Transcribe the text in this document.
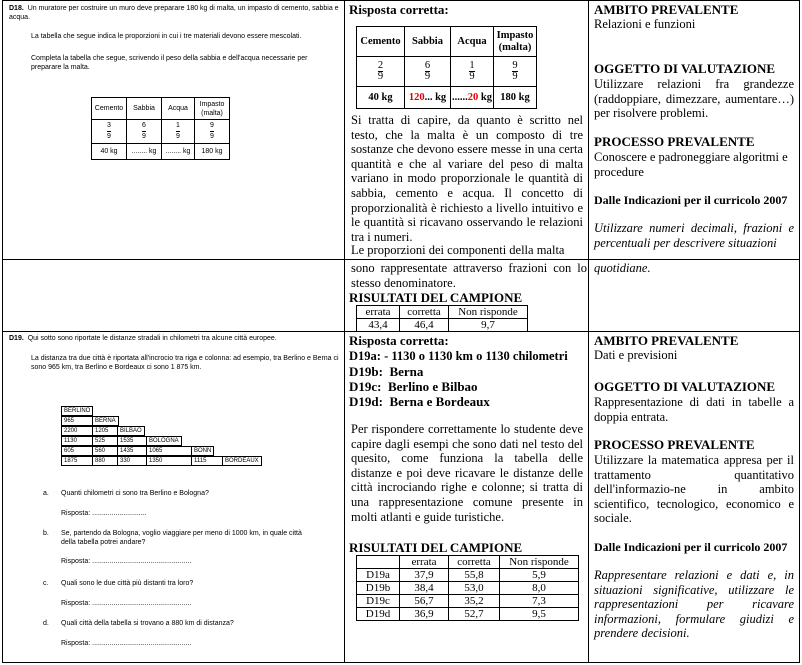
D18. Un muratore per costruire un muro deve preparare 180 kg di malta, un impasto di cemento, sabbia e acqua.
La tabella che segue indica le proporzioni in cui i tre materiali devono essere mescolati.
Completa la tabella che segue, scrivendo il peso della sabbia e dell'acqua necessarie per preparare la malta.
Cemento	Sabbia	Acqua	Impasto (malta)

$\frac{3}{9}$	$\frac{6}{9}$	$\frac{1}{9}$	$\frac{9}{9}$

40 kg	........ kg	........ kg	180 kg
Risposta corretta:
Cemento	Sabbia	Acqua	Impasto (malta)

$\frac{2}{9}$	$\frac{6}{9}$	$\frac{1}{9}$	$\frac{9}{9}$

40 kg	120... kg	......20 kg	180 kg
Si tratta di capire, da quanto è scritto nel testo, che la malta è un composto di tre sostanze che devono essere messe in una certa quantità e che al variare del peso di malta variano in modo proporzionale le quantità di sabbia, cemento e acqua. Il concetto di proporzionalità è richiesto a livello intuitivo e le quantità si ricavano osservando le relazioni tra i numeri.
Le proporzioni dei componenti della malta
AMBITO PREVALENTE
Relazioni e funzioni
OGGETTO DI VALUTAZIONE
Utilizzare relazioni fra grandezze (raddoppiare, dimezzare, aumentare…) per risolvere problemi.
PROCESSO PREVALENTE
Conoscere e padroneggiare algoritmi e procedure
Dalle Indicazioni per il curricolo 2007
Utilizzare numeri decimali, frazioni e percentuali per descrivere situazioni
sono rappresentate attraverso frazioni con lo stesso denominatore.
RISULTATI DEL CAMPIONE
errata	corretta	Non risponde
43,4	46,4	9,7
quotidiane.
D19. Qui sotto sono riportate le distanze stradali in chilometri tra alcune città europee.
La distanza tra due città è riportata all'incrocio tra riga e colonna: ad esempio, tra Berlino e Berna ci sono 965 km, tra Berlino e Bordeaux ci sono 1 875 km.
BERLINO
965	BERNA
2200	1205	BILBAO
1130	525	1535	BOLOGNA
605	560	1435	1065	BONN
1875	880	330	1350	1115	BORDEAUX
a. Quanti chilometri ci sono tra Berlino e Bologna?
Risposta: ............................
b. Se, partendo da Bologna, voglio viaggiare per meno di 1000 km, in quale città della tabella potrei andare?
Risposta: ...................................................
c. Quali sono le due città più distanti tra loro?
Risposta: ...................................................
d. Quali città della tabella si trovano a 880 km di distanza?
Risposta: ...................................................
Risposta corretta:
D19a: - 1130 o 1130 km o 1130 chilometri
D19b:  Berna
D19c:  Berlino e Bilbao
D19d:  Berna e Bordeaux
Per rispondere correttamente lo studente deve capire dagli esempi che sono dati nel testo del quesito, come funziona la tabella delle distanze e poi deve ricavare le distanze delle città incrociando righe e colonne; si tratta di una rappresentazione comune presente in molti atlanti e guide turistiche.
RISULTATI DEL CAMPIONE
	errata	corretta	Non risponde
D19a	37,9	55,8	5,9
D19b	38,4	53,0	8,0
D19c	56,7	35,2	7,3
D19d	36,9	52,7	9,5
AMBITO PREVALENTE
Dati e previsioni
OGGETTO DI VALUTAZIONE
Rappresentazione di dati in tabelle a doppia entrata.
PROCESSO PREVALENTE
Utilizzare la matematica appresa per il trattamento quantitativo dell'informazio-ne in ambito scientifico, tecnologico, economico e sociale.
Dalle Indicazioni per il curricolo 2007
Rappresentare relazioni e dati e, in situazioni significative, utilizzare le rappresentazioni per ricavare informazioni, formulare giudizi e prendere decisioni.
